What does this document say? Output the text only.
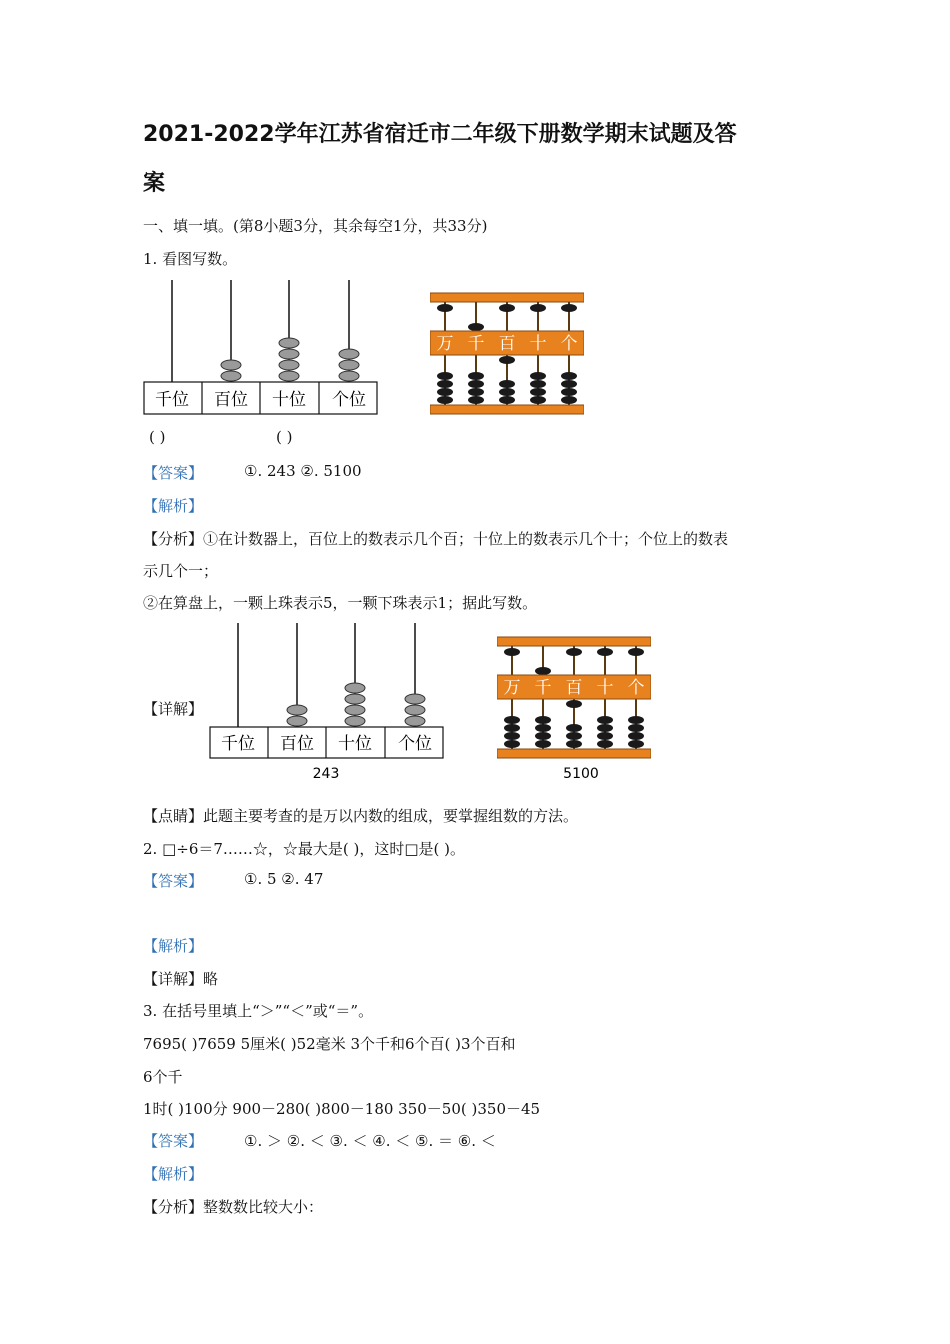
2021-2022学年江苏省宿迁市二年级下册数学期末试题及答
案
一、填一填。(第8小题3分，其余每空1分，共33分)
1. 看图写数。
千位 百位 十位 个位
万 千 百 十 个
( )	( )
【答案】	①. 243 ②. 5100
【解析】
【分析】①在计数器上，百位上的数表示几个百；十位上的数表示几个十；个位上的数表
示几个一；
②在算盘上，一颗上珠表示5，一颗下珠表示1；据此写数。
【详解】
千位 百位 十位 个位
243
万 千 百 十 个
5100
【点睛】此题主要考查的是万以内数的组成，要掌握组数的方法。
2. □÷6＝7……☆，☆最大是( )，这时□是( )。
【答案】	①. 5 ②. 47
【解析】
【详解】略
3. 在括号里填上“＞”“＜”或“＝”。
7695( )7659 5厘米( )52毫米 3个千和6个百( )3个百和
6个千
1时( )100分 900－280( )800－180 350－50( )350－45
【答案】	①. ＞ ②. ＜ ③. ＜ ④. ＜ ⑤. ＝ ⑥. ＜
【解析】
【分析】整数数比较大小：
